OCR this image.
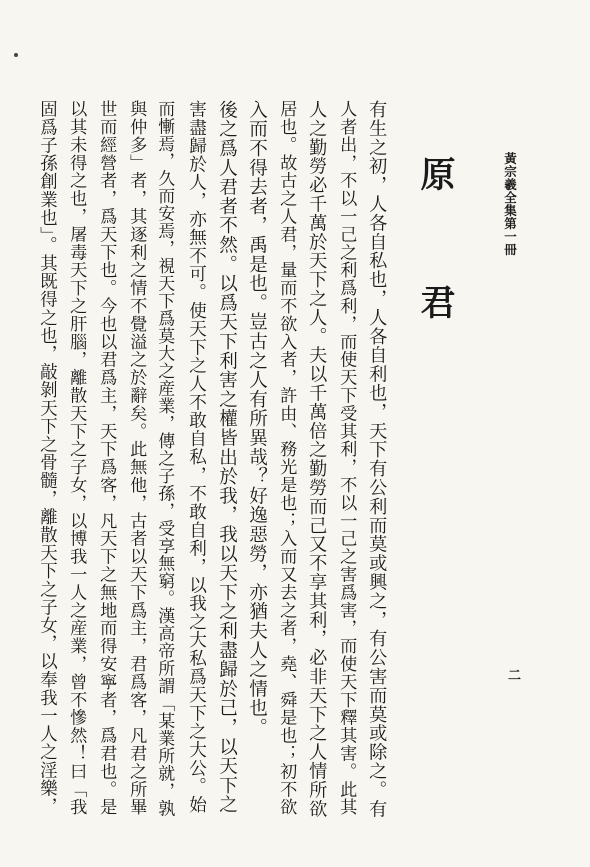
黃宗羲全集第一冊
二
原 君
有生之初，人各自私也，人各自利也，天下有公利而莫或興之，有公害而莫或除之。有
人者出，不以一己之利爲利，而使天下受其利，不以一己之害爲害，而使天下釋其害。此其
人之勤勞必千萬於天下之人。夫以千萬倍之勤勞而己又不享其利，必非天下之人情所欲
居也。故古之人君，量而不欲入者，許由、務光是也；入而又去之者，堯、舜是也；初不欲
入而不得去者，禹是也。豈古之人有所異哉？好逸惡勞，亦猶夫人之情也。
後之爲人君者不然。以爲天下利害之權皆出於我，我以天下之利盡歸於己，以天下之
害盡歸於人，亦無不可。使天下之人不敢自私，不敢自利，以我之大私爲天下之大公。始
而慚焉，久而安焉，視天下爲莫大之産業，傳之子孫，受享無窮。漢高帝所謂「某業所就，孰
與仲多」者，其逐利之情不覺溢之於辭矣。此無他，古者以天下爲主，君爲客，凡君之所畢
世而經營者，爲天下也。今也以君爲主，天下爲客，凡天下之無地而得安寧者，爲君也。是
以其未得之也，屠毒天下之肝腦，離散天下之子女，以博我一人之産業，曾不慘然！曰「我
固爲子孫創業也」。其既得之也，敲剝天下之骨髓，離散天下之子女，以奉我一人之淫樂，
